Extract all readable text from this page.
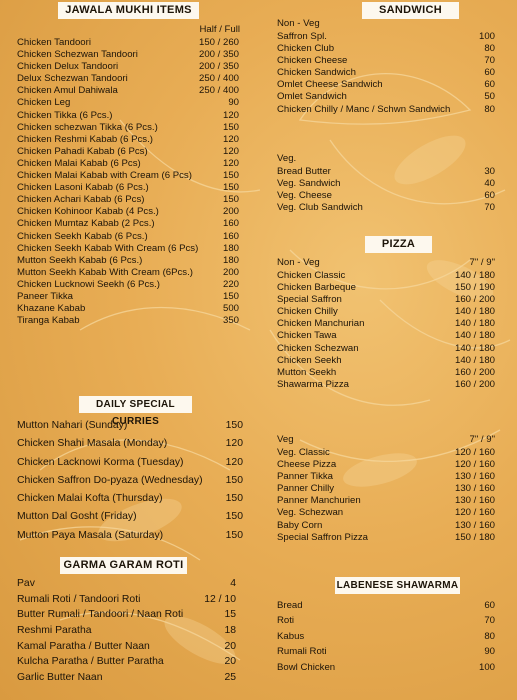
JAWALA MUKHI ITEMS
Half / Full
Chicken Tandoori	150 / 260
Chicken Schezwan Tandoori	200 / 350
Chicken Delux Tandoori	200 / 350
Delux Schezwan Tandoori	250 / 400
Chicken Amul Dahiwala	250 / 400
Chicken Leg	90
Chicken Tikka (6 Pcs.)	120
Chicken schezwan Tikka (6 Pcs.)	150
Chicken Reshmi Kabab (6 Pcs.)	120
Chicken Pahadi Kabab (6 Pcs)	120
Chicken Malai Kabab (6 Pcs)	120
Chicken Malai Kabab with Cream (6 Pcs)	150
Chicken Lasoni Kabab (6 Pcs.)	150
Chicken Achari Kabab (6 Pcs)	150
Chicken Kohinoor Kabab (4 Pcs.)	200
Chicken Mumtaz Kabab (2 Pcs.)	160
Chicken Seekh Kabab (6 Pcs.)	160
Chicken Seekh Kabab With Cream (6 Pcs)	180
Mutton Seekh Kabab (6 Pcs.)	180
Mutton Seekh Kabab With Cream (6Pcs.)	200
Chicken Lucknowi Seekh (6 Pcs.)	220
Paneer Tikka	150
Khazane Kabab	500
Tiranga Kabab	350
DAILY SPECIAL CURRIES
Mutton Nahari (Sunday)	150
Chicken Shahi Masala (Monday)	120
Chicken Lacknowi Korma (Tuesday)	120
Chicken Saffron Do-pyaza (Wednesday) 150
Chicken Malai Kofta (Thursday)	150
Mutton Dal Gosht (Friday)	150
Mutton Paya Masala (Saturday)	150
GARMA GARAM ROTI
Pav	4
Rumali Roti / Tandoori Roti	12 / 10
Butter Rumali / Tandoori / Naan Roti	15
Reshmi Paratha	18
Kamal Paratha / Butter Naan	20
Kulcha Paratha / Butter Paratha	20
Garlic Butter Naan	25
SANDWICH
Non - Veg
Saffron Spl.	100
Chicken Club	80
Chicken Cheese	70
Chicken Sandwich	60
Omlet Cheese Sandwich	60
Omlet Sandwich	50
Chicken Chilly / Manc / Schwn Sandwich	80
Veg.
Bread Butter	30
Veg. Sandwich	40
Veg. Cheese	60
Veg. Club Sandwich	70
PIZZA
Non - Veg	7" / 9"
Chicken Classic	140 / 180
Chicken Barbeque	150 / 190
Special Saffron	160 / 200
Chicken Chilly	140 / 180
Chicken Manchurian	140 / 180
Chicken Tawa	140 / 180
Chicken Schezwan	140 / 180
Chicken Seekh	140 / 180
Mutton Seekh	160 / 200
Shawarma Pizza	160 / 200
Veg	7" / 9"
Veg. Classic	120 / 160
Cheese Pizza	120 / 160
Panner Tikka	130 / 160
Panner Chilly	130 / 160
Panner Manchurien	130 / 160
Veg. Schezwan	120 / 160
Baby Corn	130 / 160
Special Saffron Pizza	150 / 180
LABENESE SHAWARMA
Bread	60
Roti	70
Kabus	80
Rumali Roti	90
Bowl Chicken	100
